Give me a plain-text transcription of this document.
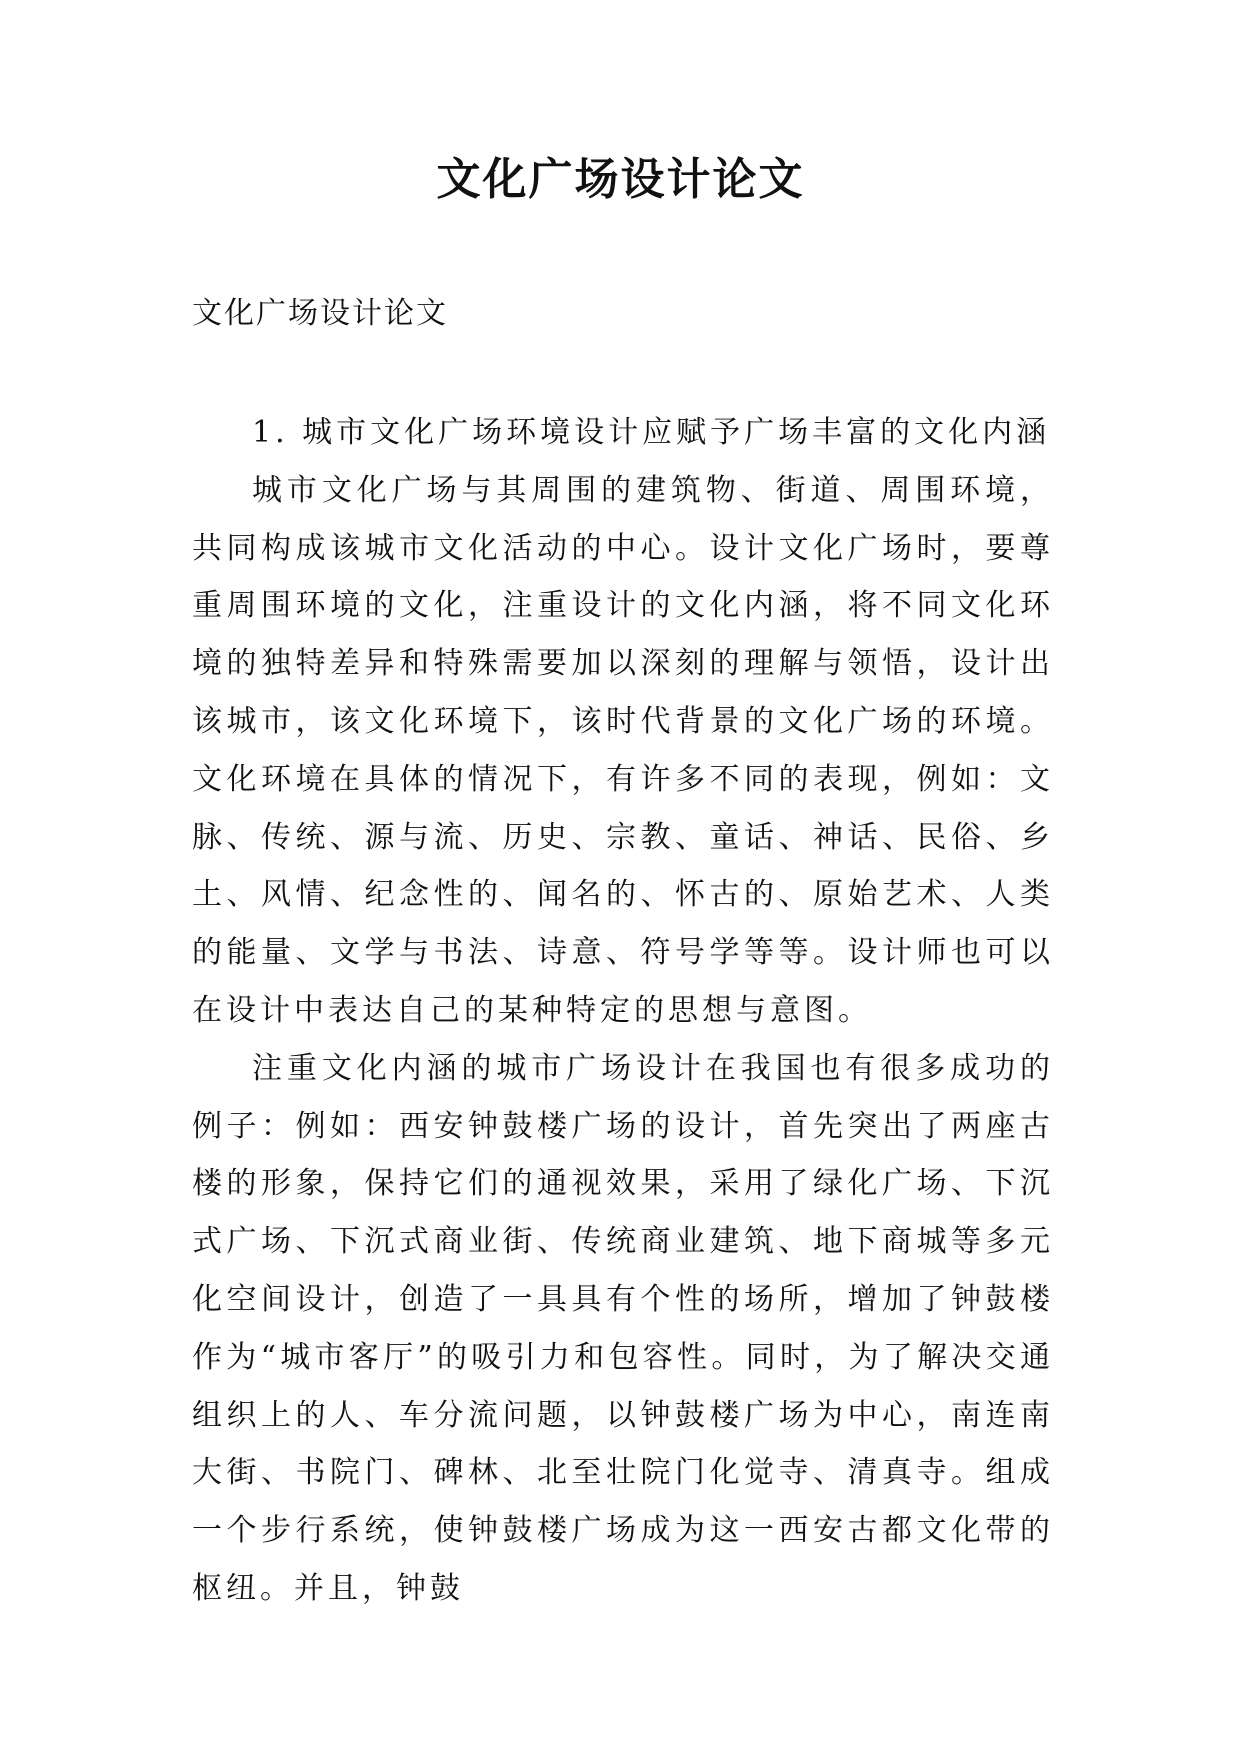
文化广场设计论文

文化广场设计论文

1. 城市文化广场环境设计应赋予广场丰富的文化内涵

城市文化广场与其周围的建筑物、街道、周围环境，共同构成该城市文化活动的中心。设计文化广场时，要尊重周围环境的文化，注重设计的文化内涵，将不同文化环境的独特差异和特殊需要加以深刻的理解与领悟，设计出该城市，该文化环境下，该时代背景的文化广场的环境。文化环境在具体的情况下，有许多不同的表现，例如：文脉、传统、源与流、历史、宗教、童话、神话、民俗、乡土、风情、纪念性的、闻名的、怀古的、原始艺术、人类的能量、文学与书法、诗意、符号学等等。设计师也可以在设计中表达自己的某种特定的思想与意图。

注重文化内涵的城市广场设计在我国也有很多成功的例子：例如：西安钟鼓楼广场的设计，首先突出了两座古楼的形象，保持它们的通视效果，采用了绿化广场、下沉式广场、下沉式商业街、传统商业建筑、地下商城等多元化空间设计，创造了一具具有个性的场所，增加了钟鼓楼作为“城市客厅”的吸引力和包容性。同时，为了解决交通组织上的人、车分流问题，以钟鼓楼广场为中心，南连南大街、书院门、碑林、北至壮院门化觉寺、清真寺。组成一个步行系统，使钟鼓楼广场成为这一西安古都文化带的枢纽。并且，钟鼓
